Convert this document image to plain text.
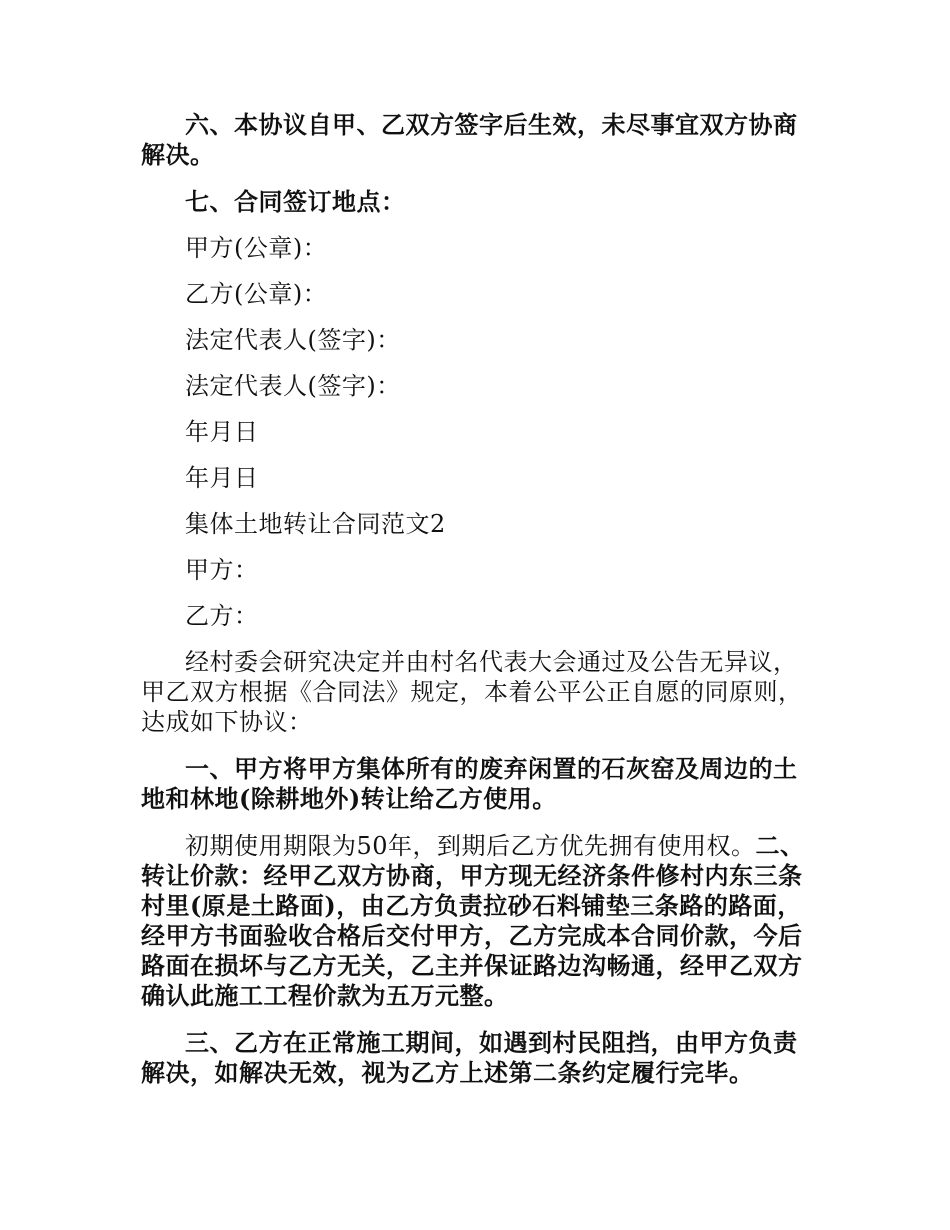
六、本协议自甲、乙双方签字后生效，未尽事宜双方协商解决。

七、合同签订地点：

甲方(公章)：

乙方(公章)：

法定代表人(签字)：

法定代表人(签字)：

年月日

年月日

集体土地转让合同范文2

甲方：

乙方：

经村委会研究决定并由村名代表大会通过及公告无异议，甲乙双方根据《合同法》规定，本着公平公正自愿的同原则，达成如下协议：

一、甲方将甲方集体所有的废弃闲置的石灰窑及周边的土地和林地(除耕地外)转让给乙方使用。

初期使用期限为50年，到期后乙方优先拥有使用权。二、转让价款：经甲乙双方协商，甲方现无经济条件修村内东三条村里(原是土路面)，由乙方负责拉砂石料铺垫三条路的路面，经甲方书面验收合格后交付甲方，乙方完成本合同价款，今后路面在损坏与乙方无关，乙主并保证路边沟畅通，经甲乙双方确认此施工工程价款为五万元整。

三、乙方在正常施工期间，如遇到村民阻挡，由甲方负责解决，如解决无效，视为乙方上述第二条约定履行完毕。
